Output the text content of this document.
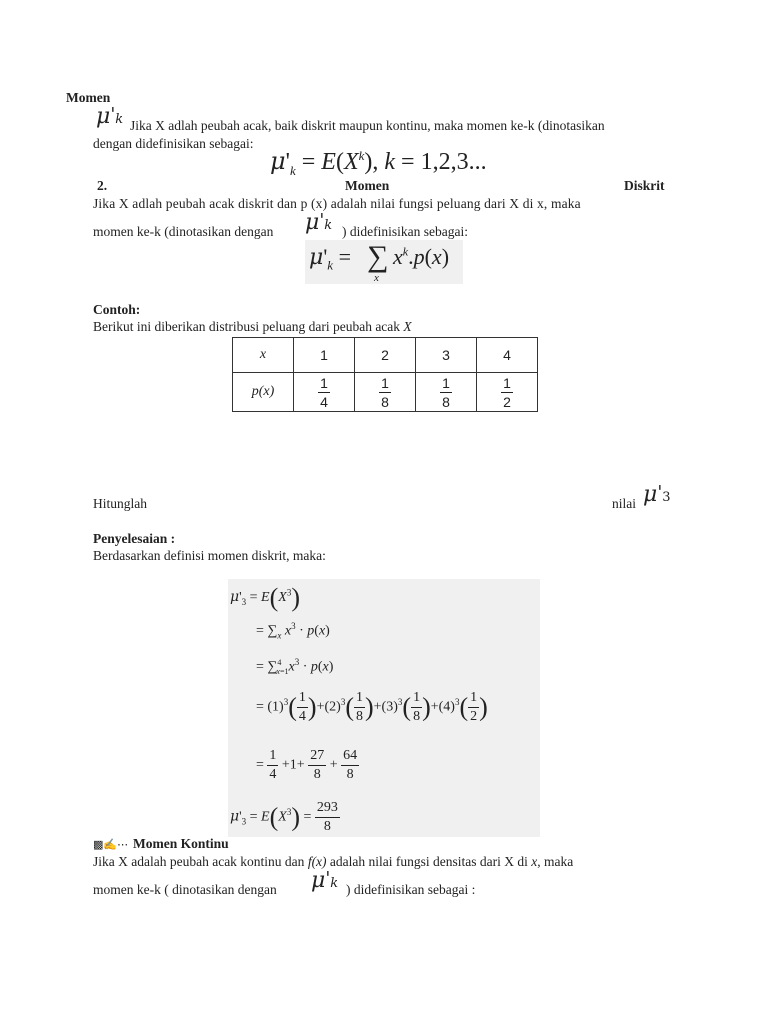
Momen
μ'k Jika X adlah peubah acak, baik diskrit maupun kontinu, maka momen ke-k (dinotasikan
dengan didefinisikan sebagai:
$\mu'_k = E(X^k)$, k = 1,2,3...
2.	Momen	Diskrit
Jika X adlah peubah acak diskrit dan p (x) adalah nilai fungsi peluang dari X di x, maka
momen ke-k (dinotasikan dengan μ'k ) didefinisikan sebagai:
$\mu'_k$ = ∑
x
$x^k.p(x)$
Contoh:
Berikut ini diberikan distribusi peluang dari peubah acak X
x	1	2	3	4
p(x)	$\frac{1}{4}$	$\frac{1}{8}$	$\frac{1}{8}$	$\frac{1}{2}$
Hitunglah	nilai μ'3
Penyelesaian :
Berdasarkan definisi momen diskrit, maka:
$\mu'_3 = E(X^3)$
= $\sum_x$ $x^3 \cdot p(x)$
= $\sum^4_{x=1}x^3 \cdot p(x)$
= $(1)^3( \frac{1}{4} )+(2)^3( \frac{1}{8} )+(3)^3( \frac{1}{8} )+(4)^3( \frac{1}{2}$ )
= $\frac{1}{4} +1+ \frac{27}{8} + \frac{64}{8}$
$\mu'_3 = E(X^3) = \frac{293}{8}$
▩✍⋯ Momen Kontinu
Jika X adalah peubah acak kontinu dan f(x) adalah nilai fungsi densitas dari X di x, maka
momen ke-k ( dinotasikan dengan μ'k ) didefinisikan sebagai :
